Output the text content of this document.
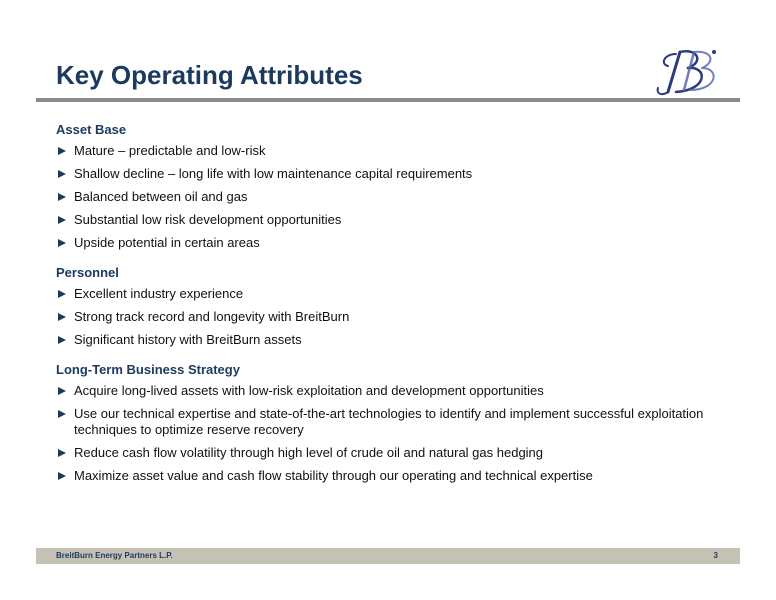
Key Operating Attributes
Asset Base
Mature – predictable and low-risk
Shallow decline – long life with low maintenance capital requirements
Balanced between oil and gas
Substantial low risk development opportunities
Upside potential in certain areas
Personnel
Excellent industry experience
Strong track record and longevity with BreitBurn
Significant history with BreitBurn assets
Long-Term Business Strategy
Acquire long-lived assets with low-risk exploitation and development opportunities
Use our technical expertise and state-of-the-art technologies to identify and implement successful exploitation techniques to optimize reserve recovery
Reduce cash flow volatility through high level of crude oil and natural gas hedging
Maximize asset value and cash flow stability through our operating and technical expertise
BreitBurn Energy Partners L.P.	3
